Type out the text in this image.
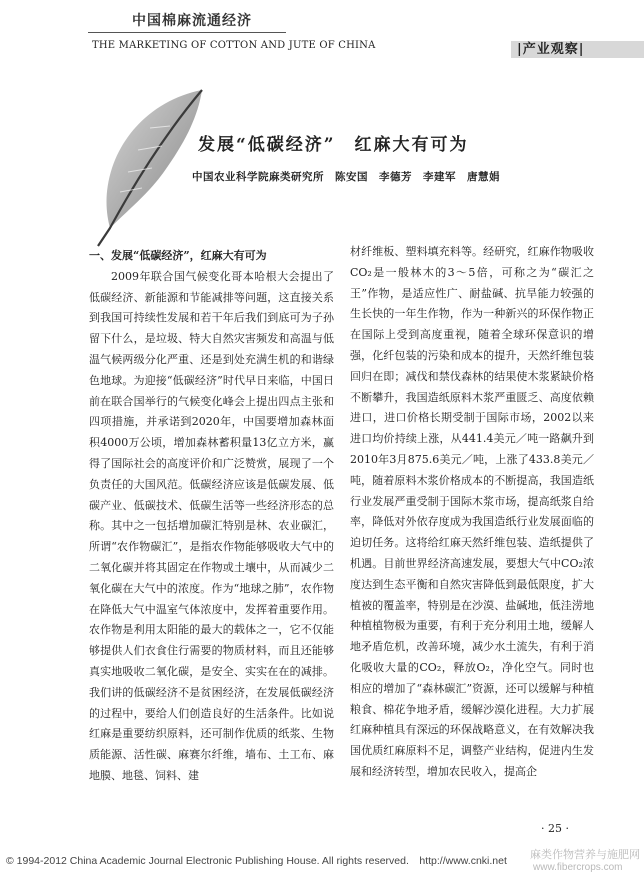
中国棉麻流通经济
THE MARKETING OF COTTON AND JUTE OF CHINA	|产业观察|
发展“低碳经济”　红麻大有可为
中国农业科学院麻类研究所　陈安国　李德芳　李建军　唐慧娟
一、发展“低碳经济”，红麻大有可为

2009年联合国气候变化哥本哈根大会提出了低碳经济、新能源和节能减排等问题，这直接关系到我国可持续性发展和若干年后我们到底可为子孙留下什么，是垃圾、特大自然灾害频发和高温与低温气候两级分化严重、还是到处充满生机的和谐绿色地球。为迎接“低碳经济”时代早日来临，中国日前在联合国举行的气候变化峰会上提出四点主张和四项措施，并承诺到2020年，中国要增加森林面积4000万公顷，增加森林蓄积量13亿立方米，赢得了国际社会的高度评价和广泛赞赏，展现了一个负责任的大国风范。低碳经济应该是低碳发展、低碳产业、低碳技术、低碳生活等一些经济形态的总称。其中之一包括增加碳汇特别是林、农业碳汇，所谓“农作物碳汇”，是指农作物能够吸收大气中的二氧化碳并将其固定在作物或土壤中，从而减少二氧化碳在大气中的浓度。作为“地球之肺”，农作物在降低大气中温室气体浓度中，发挥着重要作用。农作物是利用太阳能的最大的载体之一，它不仅能够提供人们衣食住行需要的物质材料，而且还能够真实地吸收二氧化碳，是安全、实实在在的减排。我们讲的低碳经济不是贫困经济，在发展低碳经济的过程中，要给人们创造良好的生活条件。比如说红麻是重要纺织原料，还可制作优质的纸浆、生物质能源、活性碳、麻赛尔纤维，墙布、土工布、麻地膜、地毯、饲料、建

材纤维板、塑料填充料等。经研究，红麻作物吸收CO₂是一般林木的3～5倍，可称之为“碳汇之王”作物，是适应性广、耐盐碱、抗旱能力较强的生长快的一年生作物，作为一种新兴的环保作物正在国际上受到高度重视，随着全球环保意识的增强，化纤包装的污染和成本的提升，天然纤维包装回归在即；减伐和禁伐森林的结果使木浆紧缺价格不断攀升，我国造纸原料木浆严重匮乏、高度依赖进口，进口价格长期受制于国际市场，2002以来进口均价持续上涨，从441.4美元／吨一路飙升到2010年3月875.6美元／吨，上涨了433.8美元／吨，随着原料木浆价格成本的不断提高，我国造纸行业发展严重受制于国际木浆市场，提高纸浆自给率，降低对外依存度成为我国造纸行业发展面临的迫切任务。这将给红麻天然纤维包装、造纸提供了机遇。目前世界经济高速发展，要想大气中CO₂浓度达到生态平衡和自然灾害降低到最低限度，扩大植被的覆盖率，特别是在沙漠、盐碱地，低洼涝地种植植物极为重要，有利于充分利用土地，缓解人地矛盾危机，改善环境，减少水土流失，有利于消化吸收大量的CO₂，释放O₂，净化空气。同时也相应的增加了“森林碳汇”资源，还可以缓解与种植粮食、棉花争地矛盾，缓解沙漠化进程。大力扩展红麻种植具有深远的环保战略意义，在有效解决我国优质红麻原料不足，调整产业结构，促进内生发展和经济转型，增加农民收入，提高企

· 25 ·
© 1994-2012 China Academic Journal Electronic Publishing House. All rights reserved.　http://www.cnki.net 麻类作物营养与施肥网
www.fibercrops.com
